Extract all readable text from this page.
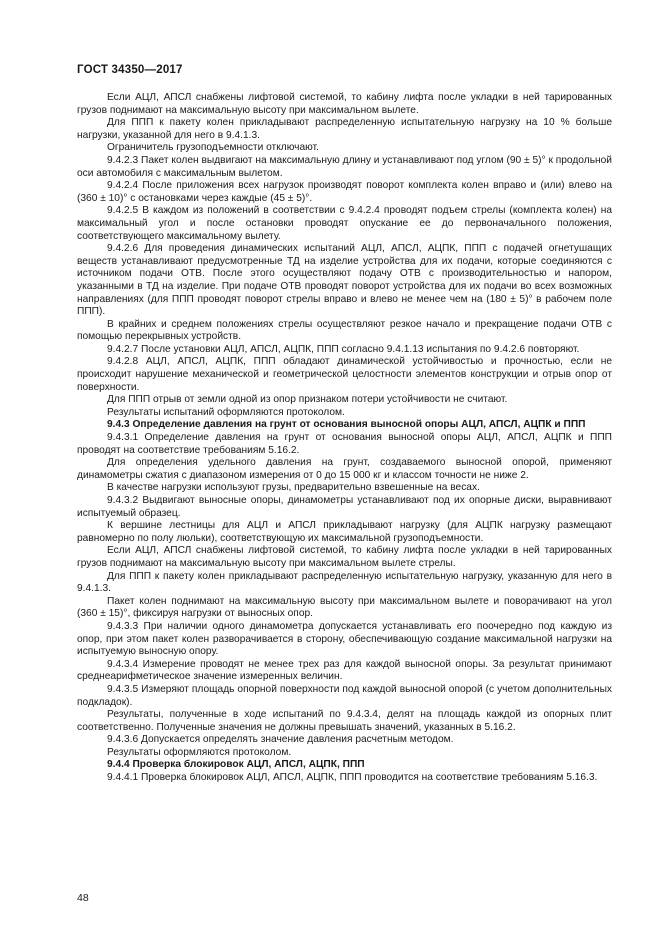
ГОСТ 34350—2017

Если АЦЛ, АПСЛ снабжены лифтовой системой, то кабину лифта после укладки в ней тарированных грузов поднимают на максимальную высоту при максимальном вылете.

Для ППП к пакету колен прикладывают распределенную испытательную нагрузку на 10 % больше нагрузки, указанной для него в 9.4.1.3.

Ограничитель грузоподъемности отключают.

9.4.2.3 Пакет колен выдвигают на максимальную длину и устанавливают под углом (90 ± 5)° к продольной оси автомобиля с максимальным вылетом.

9.4.2.4 После приложения всех нагрузок производят поворот комплекта колен вправо и (или) влево на (360 ± 10)° с остановками через каждые (45 ± 5)°.

9.4.2.5 В каждом из положений в соответствии с 9.4.2.4 проводят подъем стрелы (комплекта колен) на максимальный угол и после остановки проводят опускание ее до первоначального положения, соответствующего максимальному вылету.

9.4.2.6 Для проведения динамических испытаний АЦЛ, АПСЛ, АЦПК, ППП с подачей огнетушащих веществ устанавливают предусмотренные ТД на изделие устройства для их подачи, которые соединяются с источником подачи ОТВ. После этого осуществляют подачу ОТВ с производительностью и напором, указанными в ТД на изделие. При подаче ОТВ проводят поворот устройства для их подачи во всех возможных направлениях (для ППП проводят поворот стрелы вправо и влево не менее чем на (180 ± 5)° в рабочем поле ППП).

В крайних и среднем положениях стрелы осуществляют резкое начало и прекращение подачи ОТВ с помощью перекрывных устройств.

9.4.2.7 После установки АЦЛ, АПСЛ, АЦПК, ППП согласно 9.4.1.13 испытания по 9.4.2.6 повторяют.

9.4.2.8 АЦЛ, АПСЛ, АЦПК, ППП обладают динамической устойчивостью и прочностью, если не происходит нарушение механической и геометрической целостности элементов конструкции и отрыв опор от поверхности.

Для ППП отрыв от земли одной из опор признаком потери устойчивости не считают.

Результаты испытаний оформляются протоколом.

9.4.3 Определение давления на грунт от основания выносной опоры АЦЛ, АПСЛ, АЦПК и ППП

9.4.3.1 Определение давления на грунт от основания выносной опоры АЦЛ, АПСЛ, АЦПК и ППП проводят на соответствие требованиям 5.16.2.

Для определения удельного давления на грунт, создаваемого выносной опорой, применяют динамометры сжатия с диапазоном измерения от 0 до 15 000 кг и классом точности не ниже 2.

В качестве нагрузки используют грузы, предварительно взвешенные на весах.

9.4.3.2 Выдвигают выносные опоры, динамометры устанавливают под их опорные диски, выравнивают испытуемый образец.

К вершине лестницы для АЦЛ и АПСЛ прикладывают нагрузку (для АЦПК нагрузку размещают равномерно по полу люльки), соответствующую их максимальной грузоподъемности.

Если АЦЛ, АПСЛ снабжены лифтовой системой, то кабину лифта после укладки в ней тарированных грузов поднимают на максимальную высоту при максимальном вылете стрелы.

Для ППП к пакету колен прикладывают распределенную испытательную нагрузку, указанную для него в 9.4.1.3.

Пакет колен поднимают на максимальную высоту при максимальном вылете и поворачивают на угол (360 ± 15)°, фиксируя нагрузки от выносных опор.

9.4.3.3 При наличии одного динамометра допускается устанавливать его поочередно под каждую из опор, при этом пакет колен разворачивается в сторону, обеспечивающую создание максимальной нагрузки на испытуемую выносную опору.

9.4.3.4 Измерение проводят не менее трех раз для каждой выносной опоры. За результат принимают среднеарифметическое значение измеренных величин.

9.4.3.5 Измеряют площадь опорной поверхности под каждой выносной опорой (с учетом дополнительных подкладок).

Результаты, полученные в ходе испытаний по 9.4.3.4, делят на площадь каждой из опорных плит соответственно. Полученные значения не должны превышать значений, указанных в 5.16.2.

9.4.3.6 Допускается определять значение давления расчетным методом.

Результаты оформляются протоколом.

9.4.4 Проверка блокировок АЦЛ, АПСЛ, АЦПК, ППП

9.4.4.1 Проверка блокировок АЦЛ, АПСЛ, АЦПК, ППП проводится на соответствие требованиям 5.16.3.

48
